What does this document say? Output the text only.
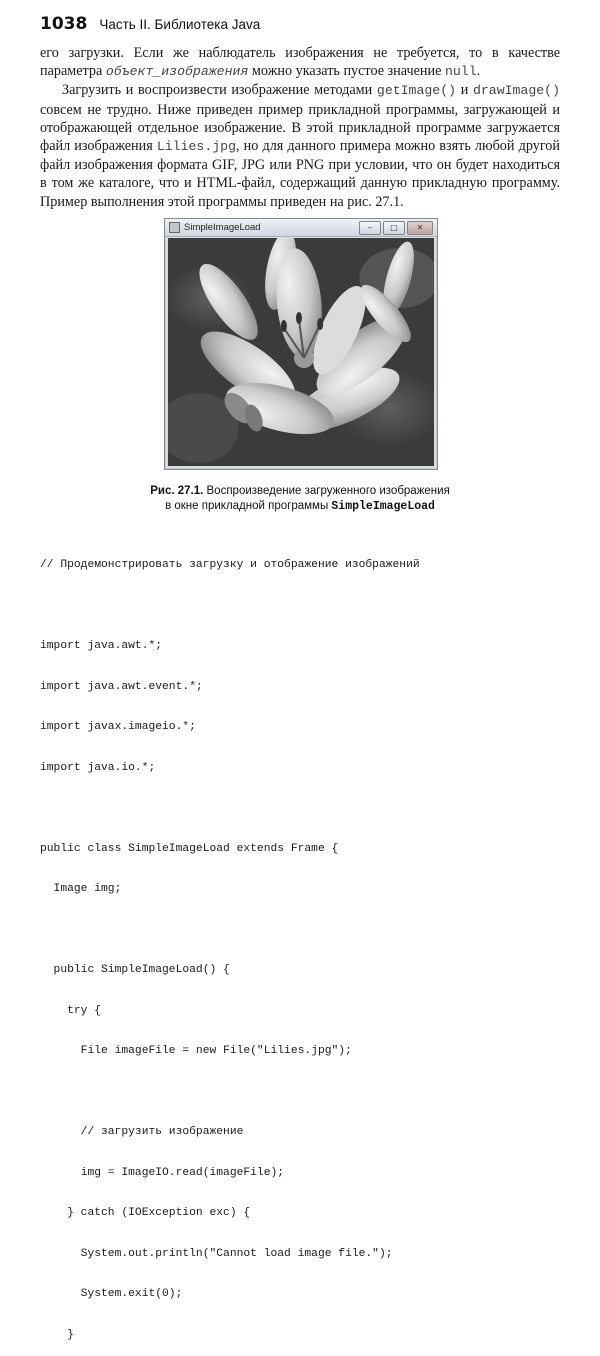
1038 Часть II. Библиотека Java

его загрузки. Если же наблюдатель изображения не требуется, то в качестве параметра объект_изображения можно указать пустое значение null.

Загрузить и воспроизвести изображение методами getImage() и drawImage() совсем не трудно. Ниже приведен пример прикладной программы, загружающей и отображающей отдельное изображение. В этой прикладной программе загружается файл изображения Lilies.jpg, но для данного примера можно взять любой другой файл изображения формата GIF, JPG или PNG при условии, что он будет находиться в том же каталоге, что и HTML-файл, содержащий данную прикладную программу. Пример выполнения этой программы приведен на рис. 27.1.

SimpleImageLoad	‒	□	✕
Рис. 27.1. Воспроизведение загруженного изображения
в окне прикладной программы SimpleImageLoad

// Продемонстрировать загрузку и отображение изображений

import java.awt.*;

import java.awt.event.*;

import javax.imageio.*;

import java.io.*;

public class SimpleImageLoad extends Frame {

Image img;

public SimpleImageLoad() {

try {

File imageFile = new File("Lilies.jpg");

// загрузить изображение

img = ImageIO.read(imageFile);

} catch (IOException exc) {

System.out.println("Cannot load image file.");

System.exit(0);

}
